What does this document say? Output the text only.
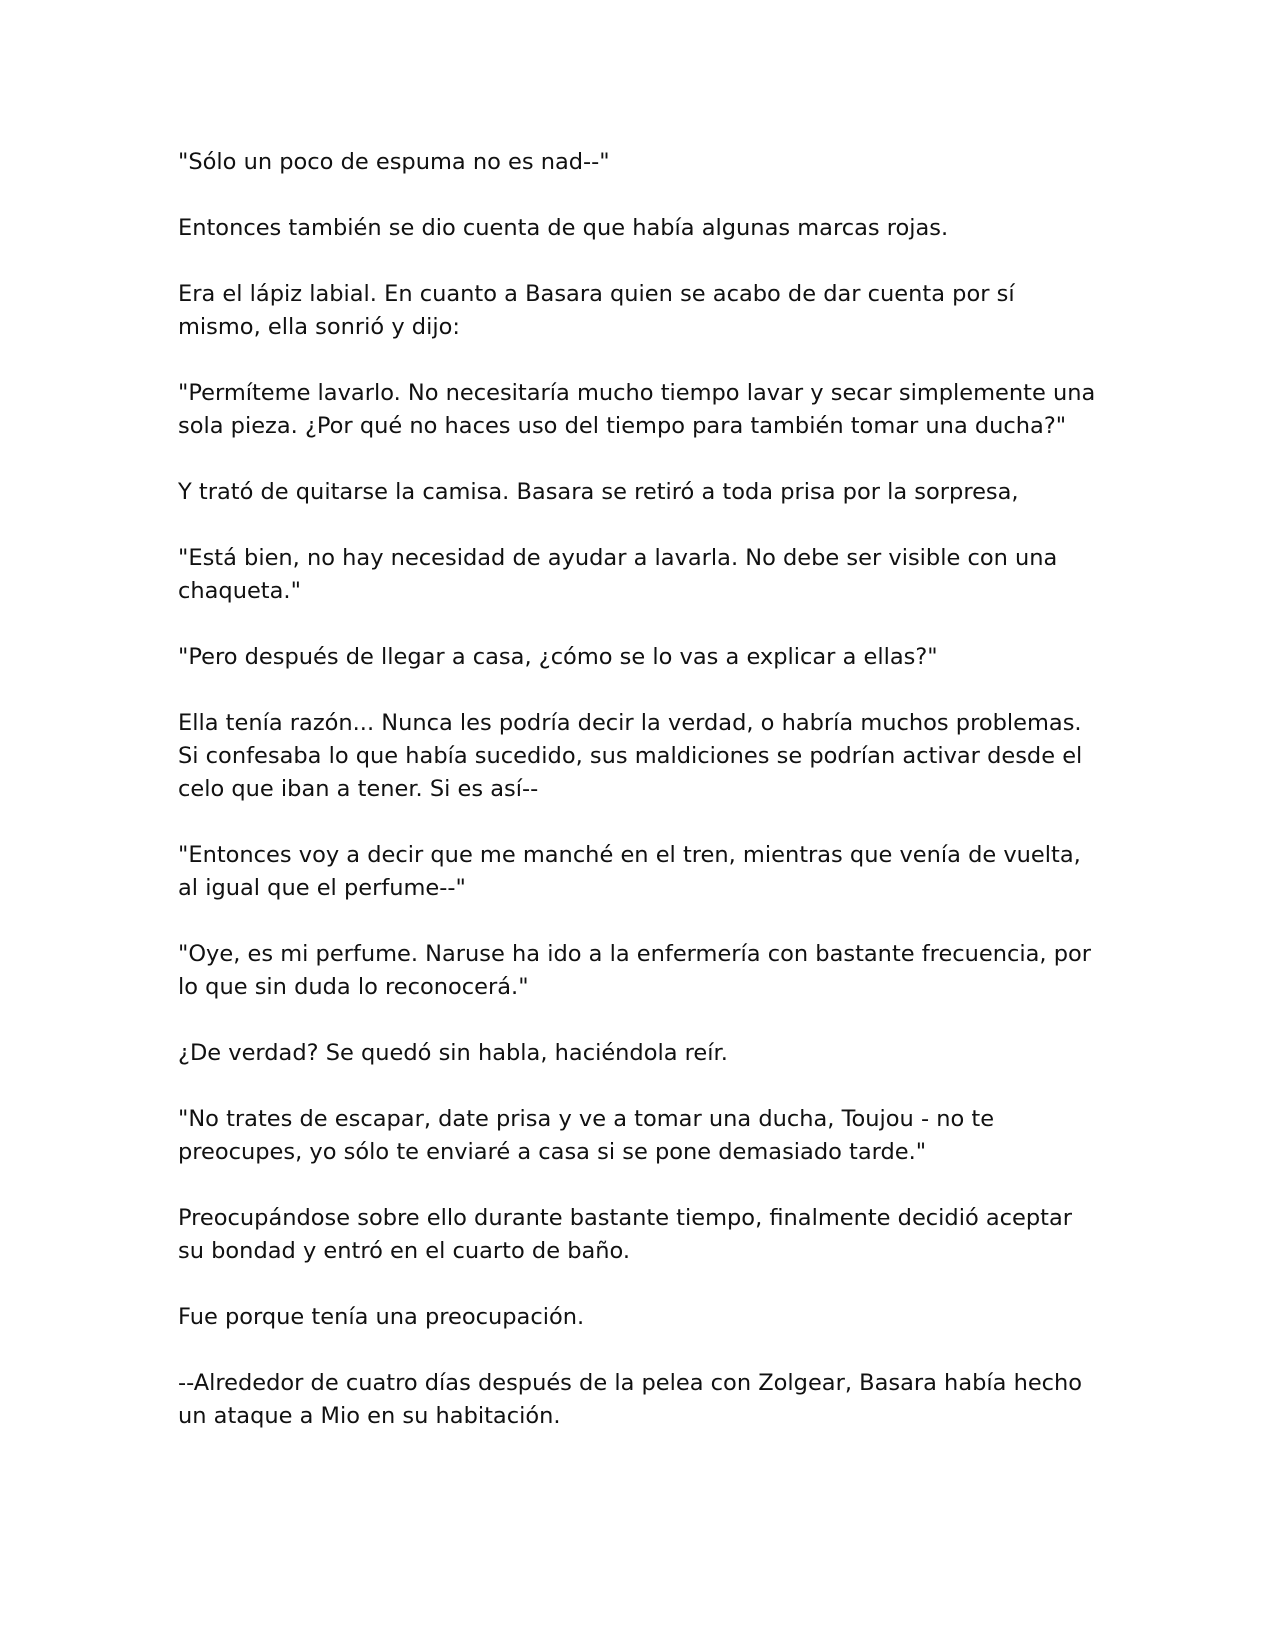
"Sólo un poco de espuma no es nad--"

Entonces también se dio cuenta de que había algunas marcas rojas.

Era el lápiz labial. En cuanto a Basara quien se acabo de dar cuenta por sí mismo, ella sonrió y dijo:

"Permíteme lavarlo. No necesitaría mucho tiempo lavar y secar simplemente una sola pieza. ¿Por qué no haces uso del tiempo para también tomar una ducha?"

Y trató de quitarse la camisa. Basara se retiró a toda prisa por la sorpresa,

"Está bien, no hay necesidad de ayudar a lavarla. No debe ser visible con una chaqueta."

"Pero después de llegar a casa, ¿cómo se lo vas a explicar a ellas?"

Ella tenía razón... Nunca les podría decir la verdad, o habría muchos problemas. Si confesaba lo que había sucedido, sus maldiciones se podrían activar desde el celo que iban a tener. Si es así--

"Entonces voy a decir que me manché en el tren, mientras que venía de vuelta, al igual que el perfume--"

"Oye, es mi perfume. Naruse ha ido a la enfermería con bastante frecuencia, por lo que sin duda lo reconocerá."

¿De verdad? Se quedó sin habla, haciéndola reír.

"No trates de escapar, date prisa y ve a tomar una ducha, Toujou - no te preocupes, yo sólo te enviaré a casa si se pone demasiado tarde."

Preocupándose sobre ello durante bastante tiempo, finalmente decidió aceptar su bondad y entró en el cuarto de baño.

Fue porque tenía una preocupación.

--Alrededor de cuatro días después de la pelea con Zolgear, Basara había hecho un ataque a Mio en su habitación.
